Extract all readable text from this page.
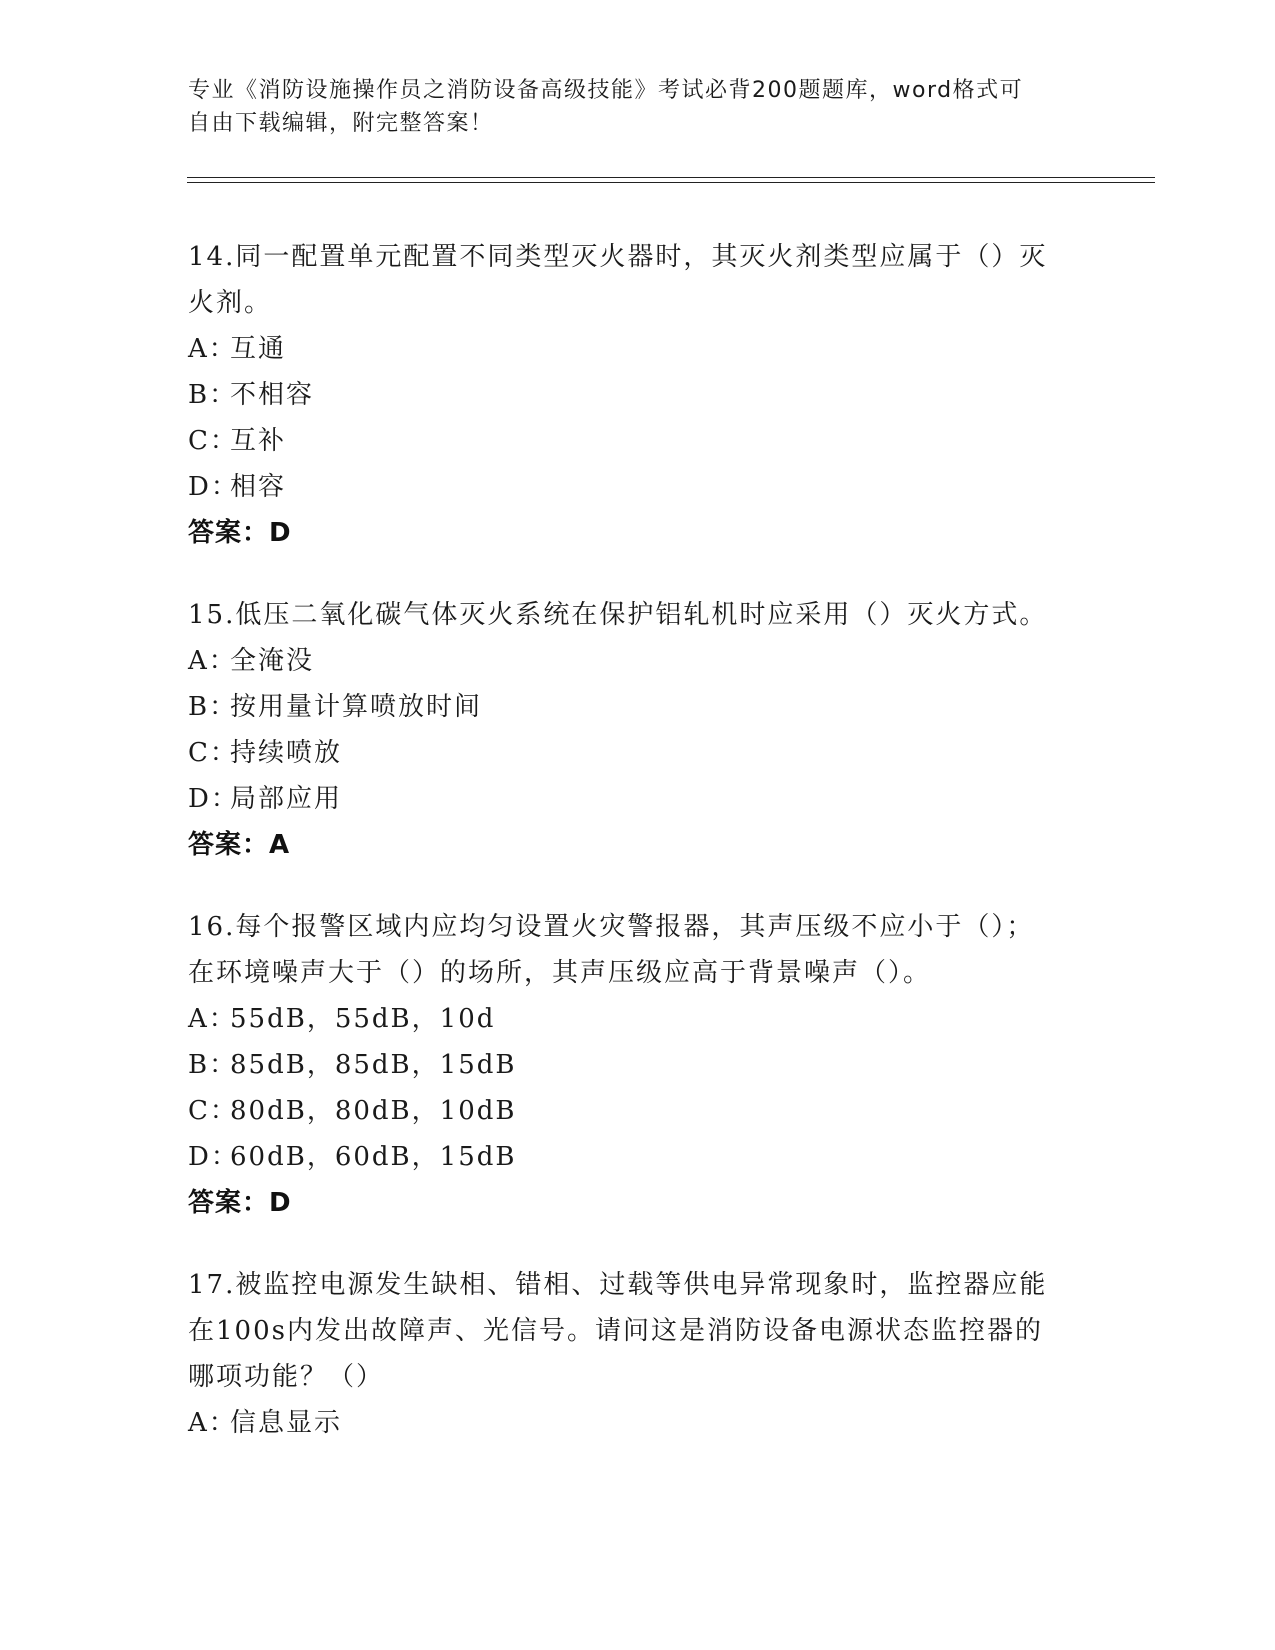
专业《消防设施操作员之消防设备高级技能》考试必背200题题库，word格式可
自由下载编辑，附完整答案！
14.同一配置单元配置不同类型灭火器时，其灭火剂类型应属于（）灭
火剂。
A：
互通
B：
不相容
C：
互补
D：
相容
答案：D
15.低压二氧化碳气体灭火系统在保护铝轧机时应采用（）灭火方式。
A：
全淹没
B：
按用量计算喷放时间
C：
持续喷放
D：
局部应用
答案：A
16.每个报警区域内应均匀设置火灾警报器，其声压级不应小于（）；
在环境噪声大于（）的场所，其声压级应高于背景噪声（）。
A：
55dB，55dB，10d
B：
85dB，85dB，15dB
C：
80dB，80dB，10dB
D：
60dB，60dB，15dB
答案：D
17.被监控电源发生缺相、错相、过载等供电异常现象时，监控器应能
在100s内发出故障声、光信号。请问这是消防设备电源状态监控器的
哪项功能？（）
A：
信息显示
